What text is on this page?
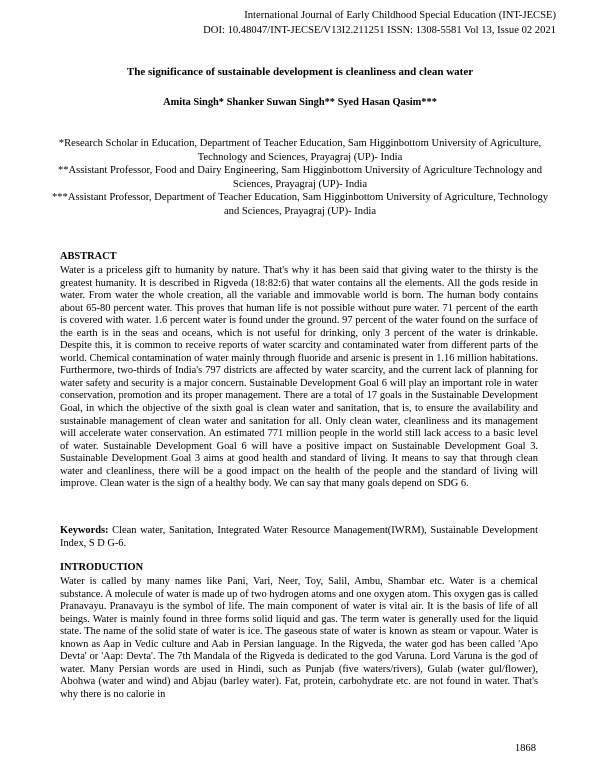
International Journal of Early Childhood Special Education (INT-JECSE)
DOI: 10.48047/INT-JECSE/V13I2.211251 ISSN: 1308-5581 Vol 13, Issue 02 2021
The significance of sustainable development is cleanliness and clean water
Amita Singh* Shanker Suwan Singh** Syed Hasan Qasim***

*Research Scholar in Education, Department of Teacher Education, Sam Higginbottom University of Agriculture, Technology and Sciences, Prayagraj (UP)- India

**Assistant Professor, Food and Dairy Engineering, Sam Higginbottom University of Agriculture Technology and Sciences, Prayagraj (UP)- India

***Assistant Professor, Department of Teacher Education, Sam Higginbottom University of Agriculture, Technology and Sciences, Prayagraj (UP)- India

ABSTRACT
Water is a priceless gift to humanity by nature. That's why it has been said that giving water to the thirsty is the greatest humanity. It is described in Rigveda (18:82:6) that water contains all the elements. All the gods reside in water. From water the whole creation, all the variable and immovable world is born. The human body contains about 65-80 percent water. This proves that human life is not possible without pure water. 71 percent of the earth is covered with water. 1.6 percent water is found under the ground. 97 percent of the water found on the surface of the earth is in the seas and oceans, which is not useful for drinking, only 3 percent of the water is drinkable. Despite this, it is common to receive reports of water scarcity and contaminated water from different parts of the world. Chemical contamination of water mainly through fluoride and arsenic is present in 1.16 million habitations. Furthermore, two-thirds of India's 797 districts are affected by water scarcity, and the current lack of planning for water safety and security is a major concern. Sustainable Development Goal 6 will play an important role in water conservation, promotion and its proper management. There are a total of 17 goals in the Sustainable Development Goal, in which the objective of the sixth goal is clean water and sanitation, that is, to ensure the availability and sustainable management of clean water and sanitation for all. Only clean water, cleanliness and its management will accelerate water conservation. An estimated 771 million people in the world still lack access to a basic level of water. Sustainable Development Goal 6 will have a positive impact on Sustainable Development Goal 3. Sustainable Development Goal 3 aims at good health and standard of living. It means to say that through clean water and cleanliness, there will be a good impact on the health of the people and the standard of living will improve. Clean water is the sign of a healthy body. We can say that many goals depend on SDG 6.
Keywords: Clean water, Sanitation, Integrated Water Resource Management(IWRM), Sustainable Development Index, S D G-6.
INTRODUCTION
Water is called by many names like Pani, Vari, Neer, Toy, Salil, Ambu, Shambar etc. Water is a chemical substance. A molecule of water is made up of two hydrogen atoms and one oxygen atom. This oxygen gas is called Pranavayu. Pranavayu is the symbol of life. The main component of water is vital air. It is the basis of life of all beings. Water is mainly found in three forms solid liquid and gas. The term water is generally used for the liquid state. The name of the solid state of water is ice. The gaseous state of water is known as steam or vapour. Water is known as Aap in Vedic culture and Aab in Persian language. In the Rigveda, the water god has been called 'Apo Devta' or 'Aap: Devta'. The 7th Mandala of the Rigveda is dedicated to the god Varuna. Lord Varuna is the god of water. Many Persian words are used in Hindi, such as Punjab (five waters/rivers), Gulab (water gul/flower), Abohwa (water and wind) and Abjau (barley water). Fat, protein, carbohydrate etc. are not found in water. That's why there is no calorie in
1868
